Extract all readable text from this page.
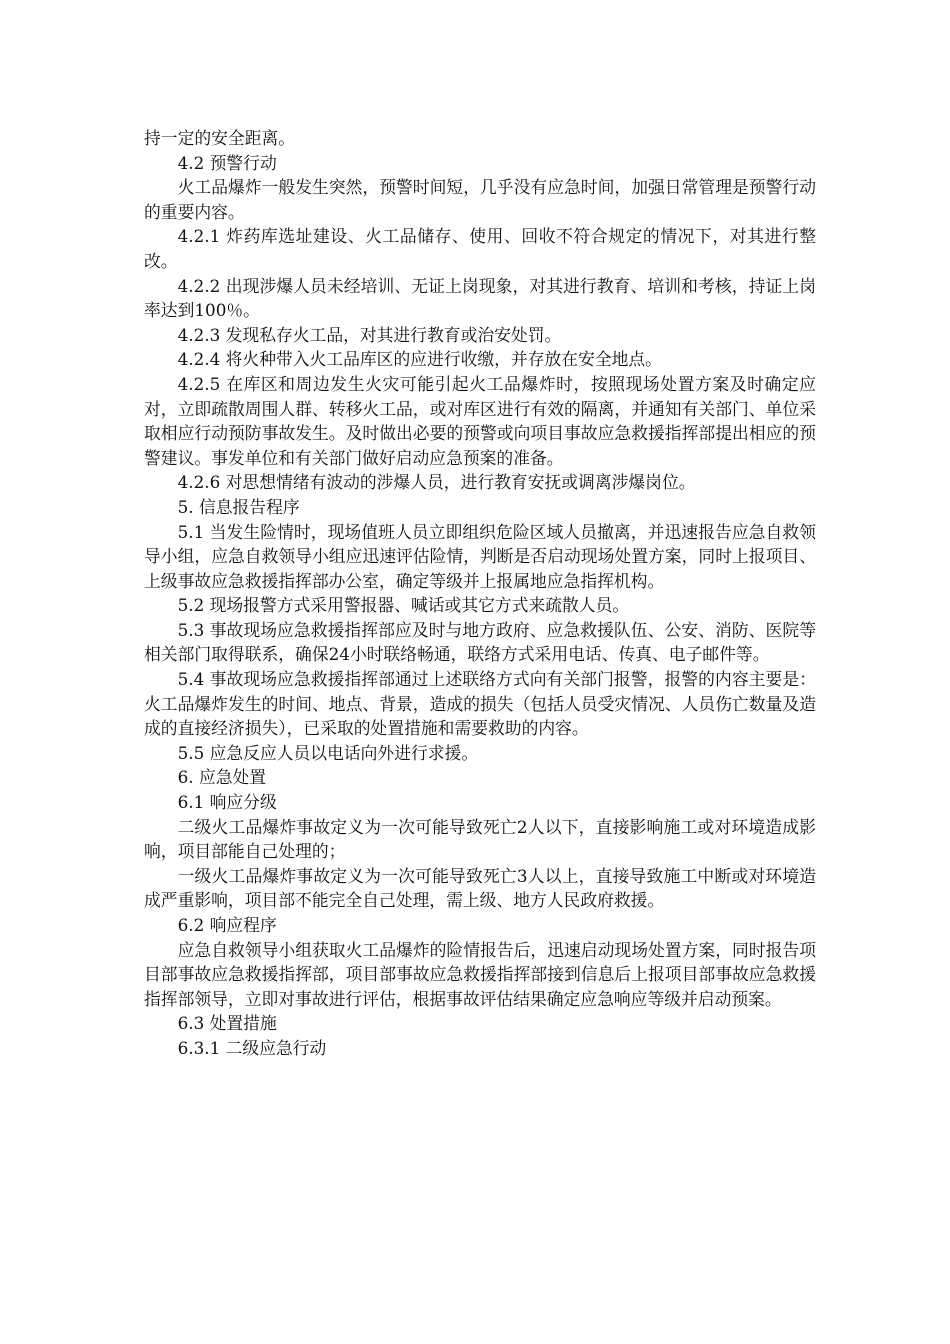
持一定的安全距离。

4.2 预警行动

火工品爆炸一般发生突然，预警时间短，几乎没有应急时间，加强日常管理是预警行动的重要内容。

4.2.1 炸药库选址建设、火工品储存、使用、回收不符合规定的情况下，对其进行整改。

4.2.2 出现涉爆人员未经培训、无证上岗现象，对其进行教育、培训和考核，持证上岗率达到100％。

4.2.3 发现私存火工品，对其进行教育或治安处罚。

4.2.4 将火种带入火工品库区的应进行收缴，并存放在安全地点。

4.2.5 在库区和周边发生火灾可能引起火工品爆炸时，按照现场处置方案及时确定应对，立即疏散周围人群、转移火工品，或对库区进行有效的隔离，并通知有关部门、单位采取相应行动预防事故发生。及时做出必要的预警或向项目事故应急救援指挥部提出相应的预警建议。事发单位和有关部门做好启动应急预案的准备。

4.2.6 对思想情绪有波动的涉爆人员，进行教育安抚或调离涉爆岗位。

5. 信息报告程序

5.1 当发生险情时，现场值班人员立即组织危险区域人员撤离，并迅速报告应急自救领导小组，应急自救领导小组应迅速评估险情，判断是否启动现场处置方案，同时上报项目、上级事故应急救援指挥部办公室，确定等级并上报属地应急指挥机构。

5.2 现场报警方式采用警报器、喊话或其它方式来疏散人员。

5.3 事故现场应急救援指挥部应及时与地方政府、应急救援队伍、公安、消防、医院等相关部门取得联系，确保24小时联络畅通，联络方式采用电话、传真、电子邮件等。

5.4 事故现场应急救援指挥部通过上述联络方式向有关部门报警，报警的内容主要是：火工品爆炸发生的时间、地点、背景，造成的损失（包括人员受灾情况、人员伤亡数量及造成的直接经济损失），已采取的处置措施和需要救助的内容。

5.5 应急反应人员以电话向外进行求援。

6. 应急处置

6.1 响应分级

二级火工品爆炸事故定义为一次可能导致死亡2人以下，直接影响施工或对环境造成影响，项目部能自己处理的；

一级火工品爆炸事故定义为一次可能导致死亡3人以上，直接导致施工中断或对环境造成严重影响，项目部不能完全自己处理，需上级、地方人民政府救援。

6.2 响应程序

应急自救领导小组获取火工品爆炸的险情报告后，迅速启动现场处置方案，同时报告项目部事故应急救援指挥部，项目部事故应急救援指挥部接到信息后上报项目部事故应急救援指挥部领导，立即对事故进行评估，根据事故评估结果确定应急响应等级并启动预案。

6.3 处置措施

6.3.1 二级应急行动
